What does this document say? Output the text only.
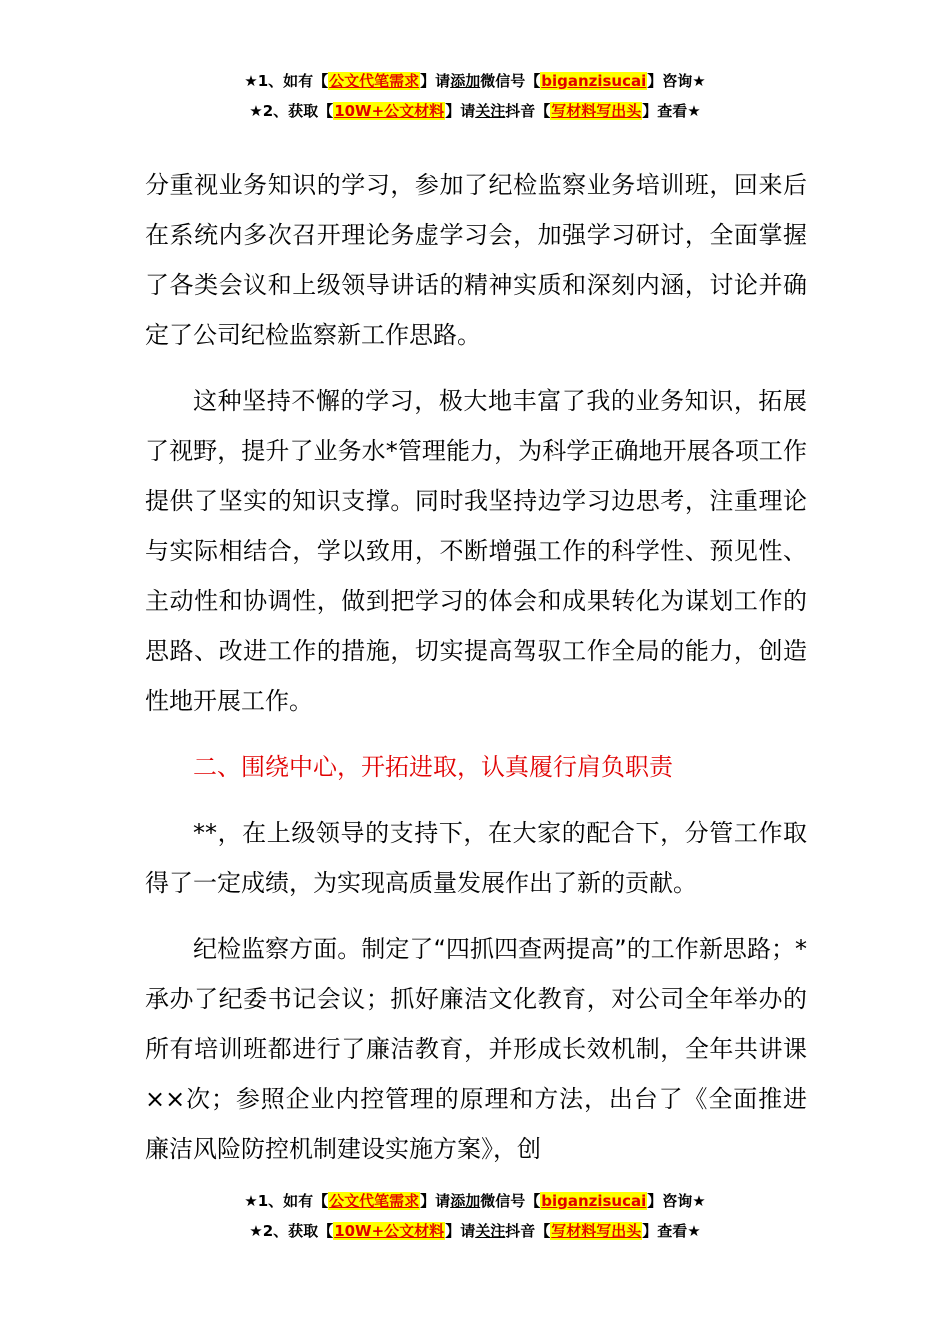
★1、如有【公文代笔需求】请添加微信号【biganzisucai】咨询★
★2、获取【10W+公文材料】请关注抖音【写材料写出头】查看★

分重视业务知识的学习，参加了纪检监察业务培训班，回来后在系统内多次召开理论务虚学习会，加强学习研讨，全面掌握了各类会议和上级领导讲话的精神实质和深刻内涵，讨论并确定了公司纪检监察新工作思路。

这种坚持不懈的学习，极大地丰富了我的业务知识，拓展了视野，提升了业务水*管理能力，为科学正确地开展各项工作提供了坚实的知识支撑。同时我坚持边学习边思考，注重理论与实际相结合，学以致用，不断增强工作的科学性、预见性、主动性和协调性，做到把学习的体会和成果转化为谋划工作的思路、改进工作的措施，切实提高驾驭工作全局的能力，创造性地开展工作。

二、围绕中心，开拓进取，认真履行肩负职责

**，在上级领导的支持下，在大家的配合下，分管工作取得了一定成绩，为实现高质量发展作出了新的贡献。

纪检监察方面。制定了“四抓四查两提高”的工作新思路；*承办了纪委书记会议；抓好廉洁文化教育，对公司全年举办的所有培训班都进行了廉洁教育，并形成长效机制，全年共讲课××次；参照企业内控管理的原理和方法，出台了《全面推进廉洁风险防控机制建设实施方案》，创

★1、如有【公文代笔需求】请添加微信号【biganzisucai】咨询★
★2、获取【10W+公文材料】请关注抖音【写材料写出头】查看★
